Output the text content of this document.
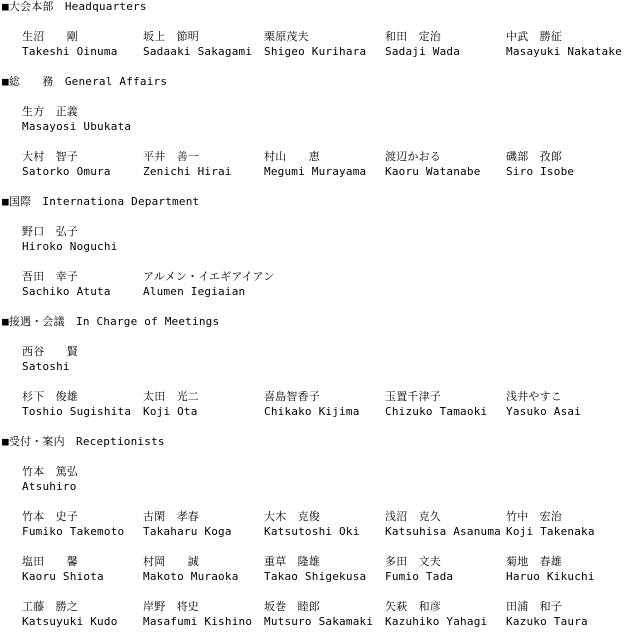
■大会本部　Headquarters
生沼　　剛
Takeshi Oinuma
坂上　節明
Sadaaki Sakagami
栗原茂夫
Shigeo Kurihara
和田　定治
Sadaji Wada
中武　勝征
Masayuki Nakatake
■総　　務　General Affairs
生方　正義
Masayosi Ubukata
大村　智子
Satorko Omura
平井　善一
Zenichi Hirai
村山　　恵
Megumi Murayama
渡辺かおる
Kaoru Watanabe
磯部　孜郎
Siro Isobe
■国際　Internationa Department
野口　弘子
Hiroko Noguchi
吾田　幸子
Sachiko Atuta
アルメン・イエギアイアン
Alumen Iegiaian
■接遇・会議　In Charge of Meetings
西谷　　賢
Satoshi
杉下　俊雄
Toshio Sugishita
太田　光二
Koji Ota
喜島智香子
Chikako Kijima
玉置千津子
Chizuko Tamaoki
浅井やすこ
Yasuko Asai
■受付・案内　Receptionists
竹本　篤弘
Atsuhiro
竹本　史子
Fumiko Takemoto
古閑　孝春
Takaharu Koga
大木　克俊
Katsutoshi Oki
浅沼　克久
Katsuhisa Asanuma
竹中　宏治
Koji Takenaka
塩田　　馨
Kaoru Shiota
村岡　　誠
Makoto Muraoka
重草　隆雄
Takao Shigekusa
多田　文夫
Fumio Tada
菊地　春雄
Haruo Kikuchi
工藤　勝之
Katsuyuki Kudo
岸野　将史
Masafumi Kishino
坂巻　睦郎
Mutsuro Sakamaki
矢萩　和彦
Kazuhiko Yahagi
田浦　和子
Kazuko Taura
